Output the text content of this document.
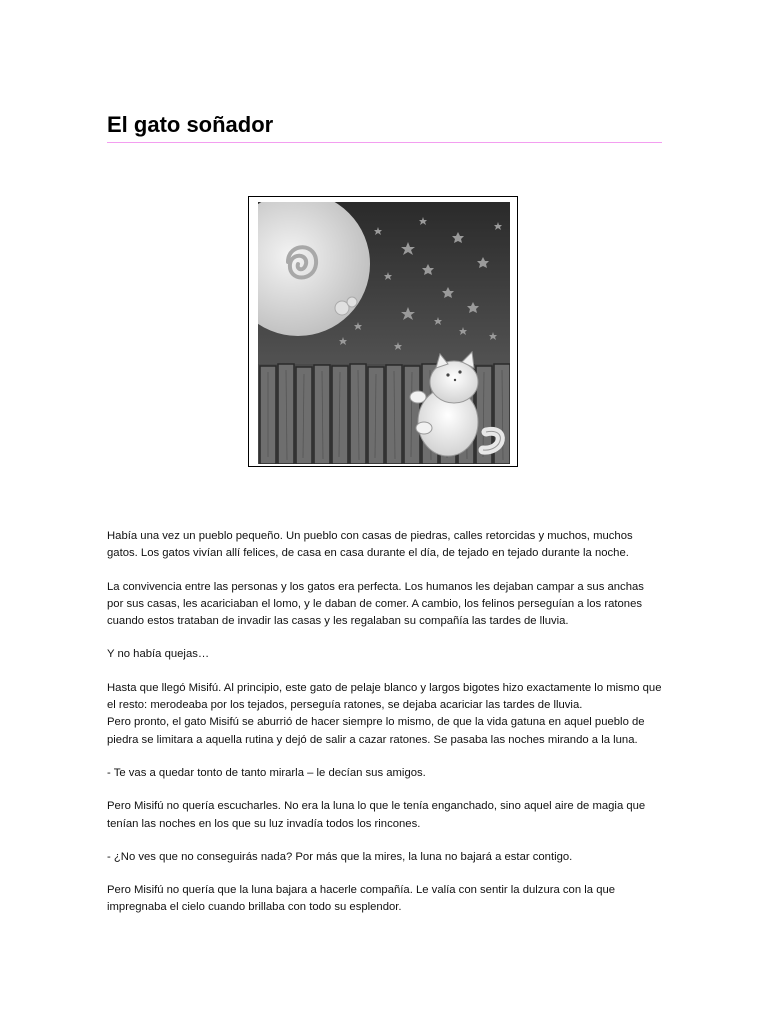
El gato soñador

Había una vez un pueblo pequeño. Un pueblo con casas de piedras, calles retorcidas y muchos, muchos gatos. Los gatos vivían allí felices, de casa en casa durante el día, de tejado en tejado durante la noche.

La convivencia entre las personas y los gatos era perfecta. Los humanos les dejaban campar a sus anchas por sus casas, les acariciaban el lomo, y le daban de comer. A cambio, los felinos perseguían a los ratones cuando estos trataban de invadir las casas y les regalaban su compañía las tardes de lluvia.

Y no había quejas…

Hasta que llegó Misifú. Al principio, este gato de pelaje blanco y largos bigotes hizo exactamente lo mismo que el resto: merodeaba por los tejados, perseguía ratones, se dejaba acariciar las tardes de lluvia.

Pero pronto, el gato Misifú se aburrió de hacer siempre lo mismo, de que la vida gatuna en aquel pueblo de piedra se limitara a aquella rutina y dejó de salir a cazar ratones. Se pasaba las noches mirando a la luna.

- Te vas a quedar tonto de tanto mirarla – le decían sus amigos.

Pero Misifú no quería escucharles. No era la luna lo que le tenía enganchado, sino aquel aire de magia que tenían las noches en los que su luz invadía todos los rincones.

- ¿No ves que no conseguirás nada? Por más que la mires, la luna no bajará a estar contigo.

Pero Misifú no quería que la luna bajara a hacerle compañía. Le valía con sentir la dulzura con la que impregnaba el cielo cuando brillaba con todo su esplendor.
